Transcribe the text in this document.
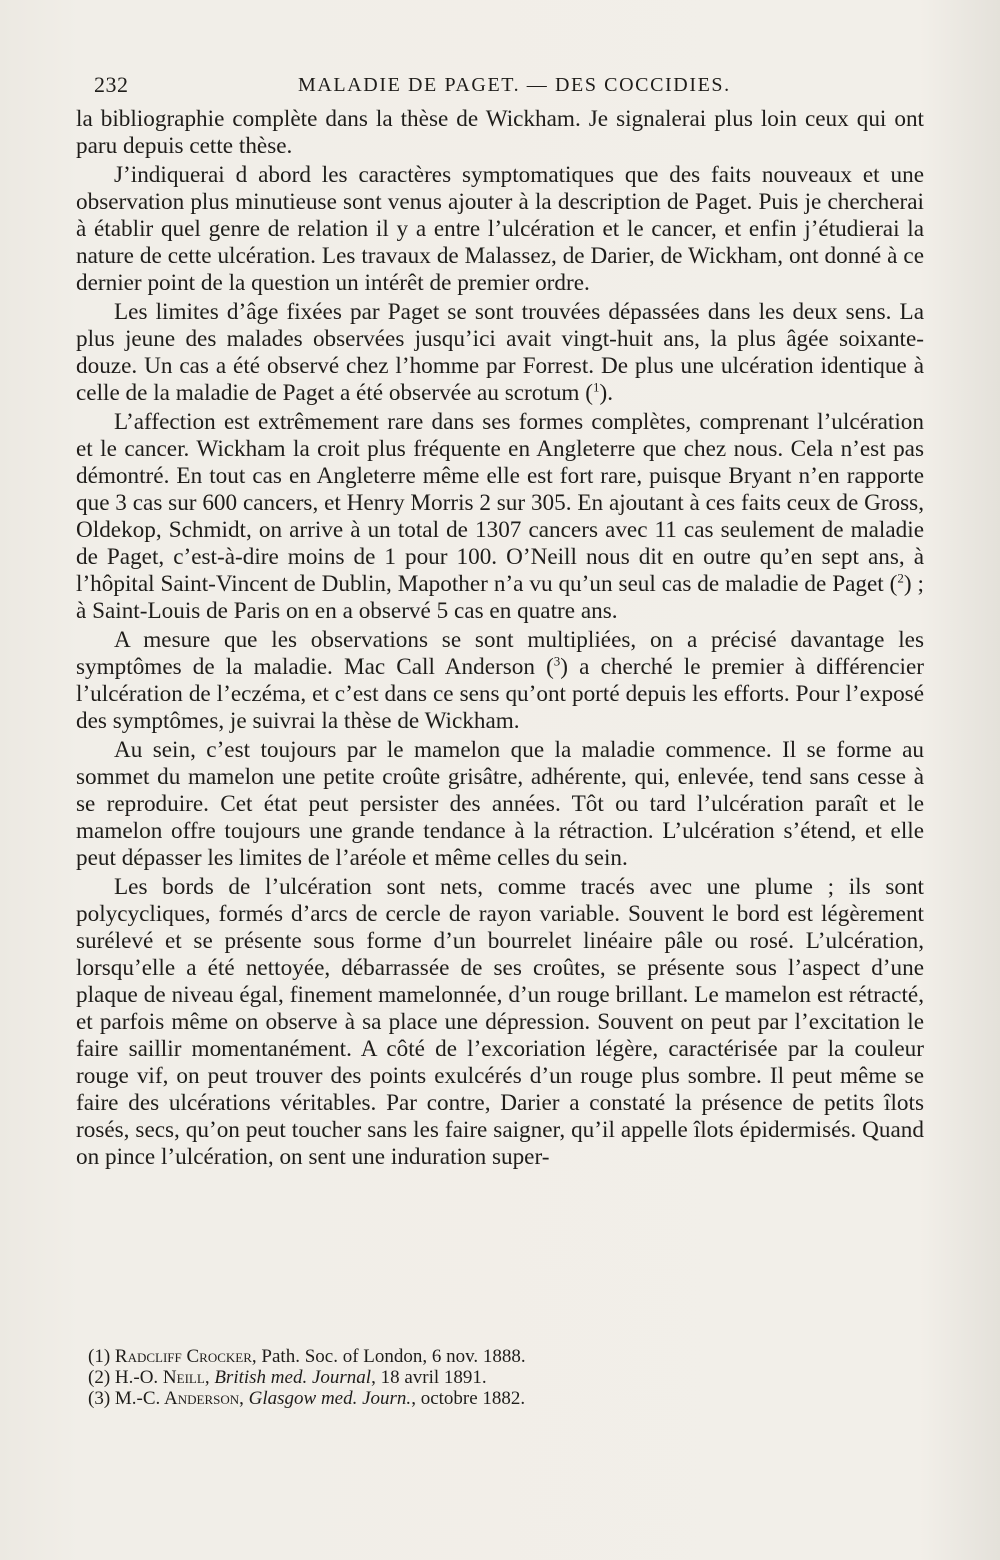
232	MALADIE DE PAGET. — DES COCCIDIES.

la bibliographie complète dans la thèse de Wickham. Je signalerai plus loin ceux qui ont paru depuis cette thèse.

J’indiquerai d abord les caractères symptomatiques que des faits nouveaux et une observation plus minutieuse sont venus ajouter à la description de Paget. Puis je chercherai à établir quel genre de relation il y a entre l’ulcération et le cancer, et enfin j’étudierai la nature de cette ulcération. Les travaux de Malassez, de Darier, de Wickham, ont donné à ce dernier point de la question un intérêt de premier ordre.

Les limites d’âge fixées par Paget se sont trouvées dépassées dans les deux sens. La plus jeune des malades observées jusqu’ici avait vingt-huit ans, la plus âgée soixante-douze. Un cas a été observé chez l’homme par Forrest. De plus une ulcération identique à celle de la maladie de Paget a été observée au scrotum ($^1$).

L’affection est extrêmement rare dans ses formes complètes, comprenant l’ulcération et le cancer. Wickham la croit plus fréquente en Angleterre que chez nous. Cela n’est pas démontré. En tout cas en Angleterre même elle est fort rare, puisque Bryant n’en rapporte que 3 cas sur 600 cancers, et Henry Morris 2 sur 305. En ajoutant à ces faits ceux de Gross, Oldekop, Schmidt, on arrive à un total de 1307 cancers avec 11 cas seulement de maladie de Paget, c’est-à-dire moins de 1 pour 100. O’Neill nous dit en outre qu’en sept ans, à l’hôpital Saint-Vincent de Dublin, Mapother n’a vu qu’un seul cas de maladie de Paget ($^2$) ; à Saint-Louis de Paris on en a observé 5 cas en quatre ans.

A mesure que les observations se sont multipliées, on a précisé davantage les symptômes de la maladie. Mac Call Anderson ($^3$) a cherché le premier à différencier l’ulcération de l’eczéma, et c’est dans ce sens qu’ont porté depuis les efforts. Pour l’exposé des symptômes, je suivrai la thèse de Wickham.

Au sein, c’est toujours par le mamelon que la maladie commence. Il se forme au sommet du mamelon une petite croûte grisâtre, adhérente, qui, enlevée, tend sans cesse à se reproduire. Cet état peut persister des années. Tôt ou tard l’ulcération paraît et le mamelon offre toujours une grande tendance à la rétraction. L’ulcération s’étend, et elle peut dépasser les limites de l’aréole et même celles du sein.

Les bords de l’ulcération sont nets, comme tracés avec une plume ; ils sont polycycliques, formés d’arcs de cercle de rayon variable. Souvent le bord est légèrement surélevé et se présente sous forme d’un bourrelet linéaire pâle ou rosé. L’ulcération, lorsqu’elle a été nettoyée, débarrassée de ses croûtes, se présente sous l’aspect d’une plaque de niveau égal, finement mamelonnée, d’un rouge brillant. Le mamelon est rétracté, et parfois même on observe à sa place une dépression. Souvent on peut par l’excitation le faire saillir momentanément. A côté de l’excoriation légère, caractérisée par la couleur rouge vif, on peut trouver des points exulcérés d’un rouge plus sombre. Il peut même se faire des ulcérations véritables. Par contre, Darier a constaté la présence de petits îlots rosés, secs, qu’on peut toucher sans les faire saigner, qu’il appelle îlots épidermisés. Quand on pince l’ulcération, on sent une induration super-

(1) Radcliff Crocker, Path. Soc. of London, 6 nov. 1888.
(2) H.-O. Neill, British med. Journal, 18 avril 1891.
(3) M.-C. Anderson, Glasgow med. Journ., octobre 1882.
